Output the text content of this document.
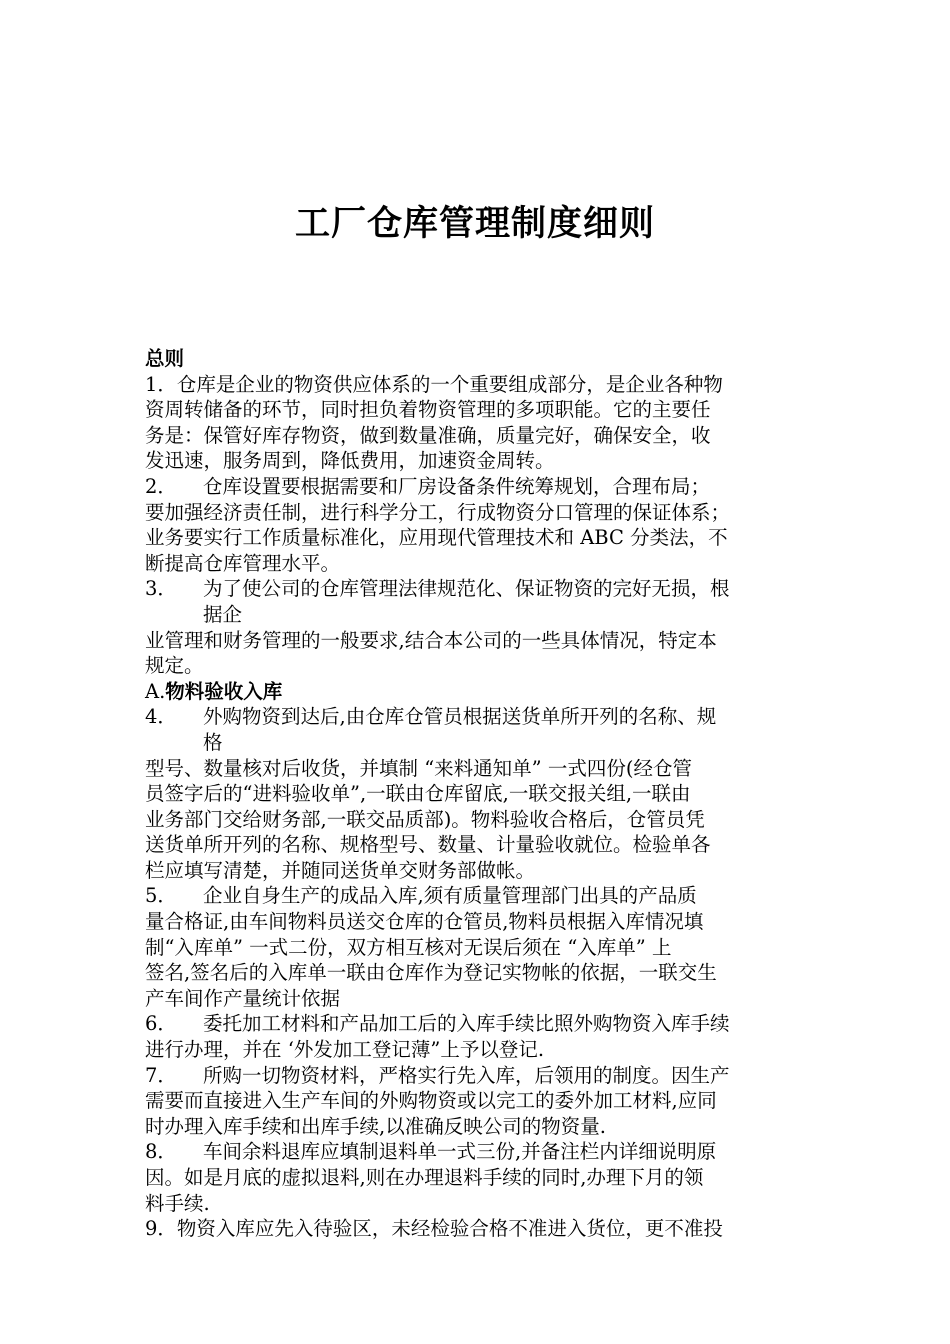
工厂仓库管理制度细则
总则
1．仓库是企业的物资供应体系的一个重要组成部分，是企业各种物
资周转储备的环节，同时担负着物资管理的多项职能。它的主要任
务是：保管好库存物资，做到数量准确，质量完好，确保安全，收
发迅速，服务周到，降低费用，加速资金周转。
2． 仓库设置要根据需要和厂房设备条件统筹规划，合理布局；
要加强经济责任制，进行科学分工，行成物资分口管理的保证体系；
业务要实行工作质量标准化，应用现代管理技术和 ABC 分类法，不
断提高仓库管理水平。
3． 为了使公司的仓库管理法律规范化、保证物资的完好无损，根
据企
业管理和财务管理的一般要求,结合本公司的一些具体情况，特定本
规定。
A.物料验收入库
4． 外购物资到达后,由仓库仓管员根据送货单所开列的名称、规
格
型号、数量核对后收货，并填制 “来料通知单” 一式四份(经仓管
员签字后的“进料验收单”,一联由仓库留底,一联交报关组,一联由
业务部门交给财务部,一联交品质部)。物料验收合格后，仓管员凭
送货单所开列的名称、规格型号、数量、计量验收就位。检验单各
栏应填写清楚，并随同送货单交财务部做帐。
5． 企业自身生产的成品入库,须有质量管理部门出具的产品质
量合格证,由车间物料员送交仓库的仓管员,物料员根据入库情况填
制“入库单” 一式二份，双方相互核对无误后须在 “入库单” 上
签名,签名后的入库单一联由仓库作为登记实物帐的依据，一联交生
产车间作产量统计依据
6． 委托加工材料和产品加工后的入库手续比照外购物资入库手续
进行办理，并在 ‘外发加工登记薄”上予以登记.
7． 所购一切物资材料，严格实行先入库，后领用的制度。因生产
需要而直接进入生产车间的外购物资或以完工的委外加工材料,应同
时办理入库手续和出库手续,以准确反映公司的物资量.
8． 车间余料退库应填制退料单一式三份,并备注栏内详细说明原
因。如是月底的虚拟退料,则在办理退料手续的同时,办理下月的领
料手续.
9．物资入库应先入待验区，未经检验合格不准进入货位，更不准投
